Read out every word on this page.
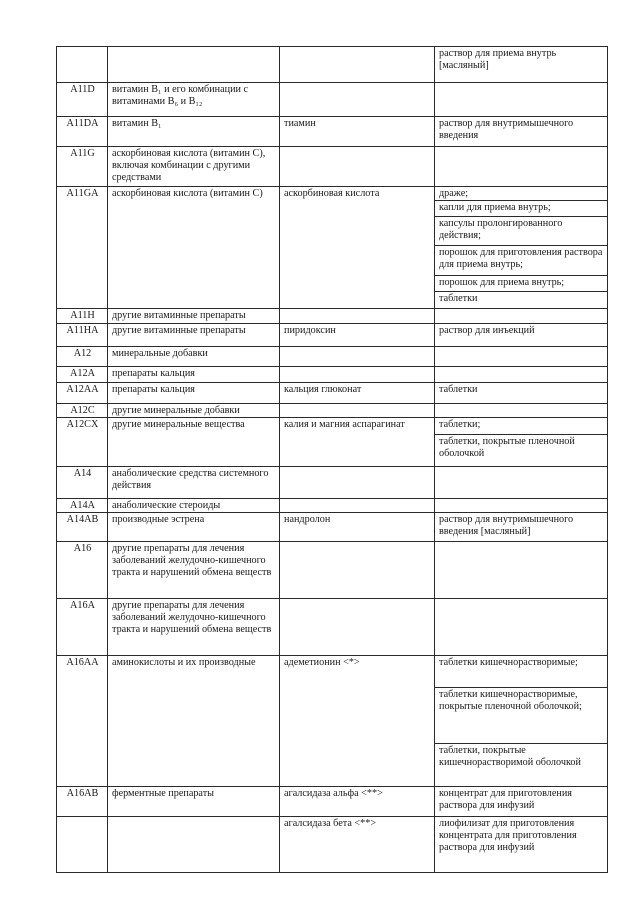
			раствор для приема внутрь [масляный]
A11D	витамин B₁ и его комбинации с витаминами B₆ и B₁₂		
A11DA	витамин B₁	тиамин	раствор для внутримышечного введения
A11G	аскорбиновая кислота (витамин C), включая комбинации с другими средствами		
A11GA	аскорбиновая кислота (витамин C)	аскорбиновая кислота	драже;
			капли для приема внутрь;
			капсулы пролонгированного действия;
			порошок для приготовления раствора для приема внутрь;
			порошок для приема внутрь;
			таблетки
A11H	другие витаминные препараты		
A11HA	другие витаминные препараты	пиридоксин	раствор для инъекций
A12	минеральные добавки		
A12A	препараты кальция		
A12AA	препараты кальция	кальция глюконат	таблетки
A12C	другие минеральные добавки		
A12CX	другие минеральные вещества	калия и магния аспарагинат	таблетки;
			таблетки, покрытые пленочной оболочкой
A14	анаболические средства системного действия		
A14A	анаболические стероиды		
A14AB	производные эстрена	нандролон	раствор для внутримышечного введения [масляный]
A16	другие препараты для лечения заболеваний желудочно-кишечного тракта и нарушений обмена веществ		
A16A	другие препараты для лечения заболеваний желудочно-кишечного тракта и нарушений обмена веществ		
A16AA	аминокислоты и их производные	адеметионин <*>	таблетки кишечнорастворимые;
			таблетки кишечнорастворимые, покрытые пленочной оболочкой;
			таблетки, покрытые кишечнорастворимой оболочкой
A16AB	ферментные препараты	агалсидаза альфа <**>	концентрат для приготовления раствора для инфузий
		агалсидаза бета <**>	лиофилизат для приготовления концентрата для приготовления раствора для инфузий
